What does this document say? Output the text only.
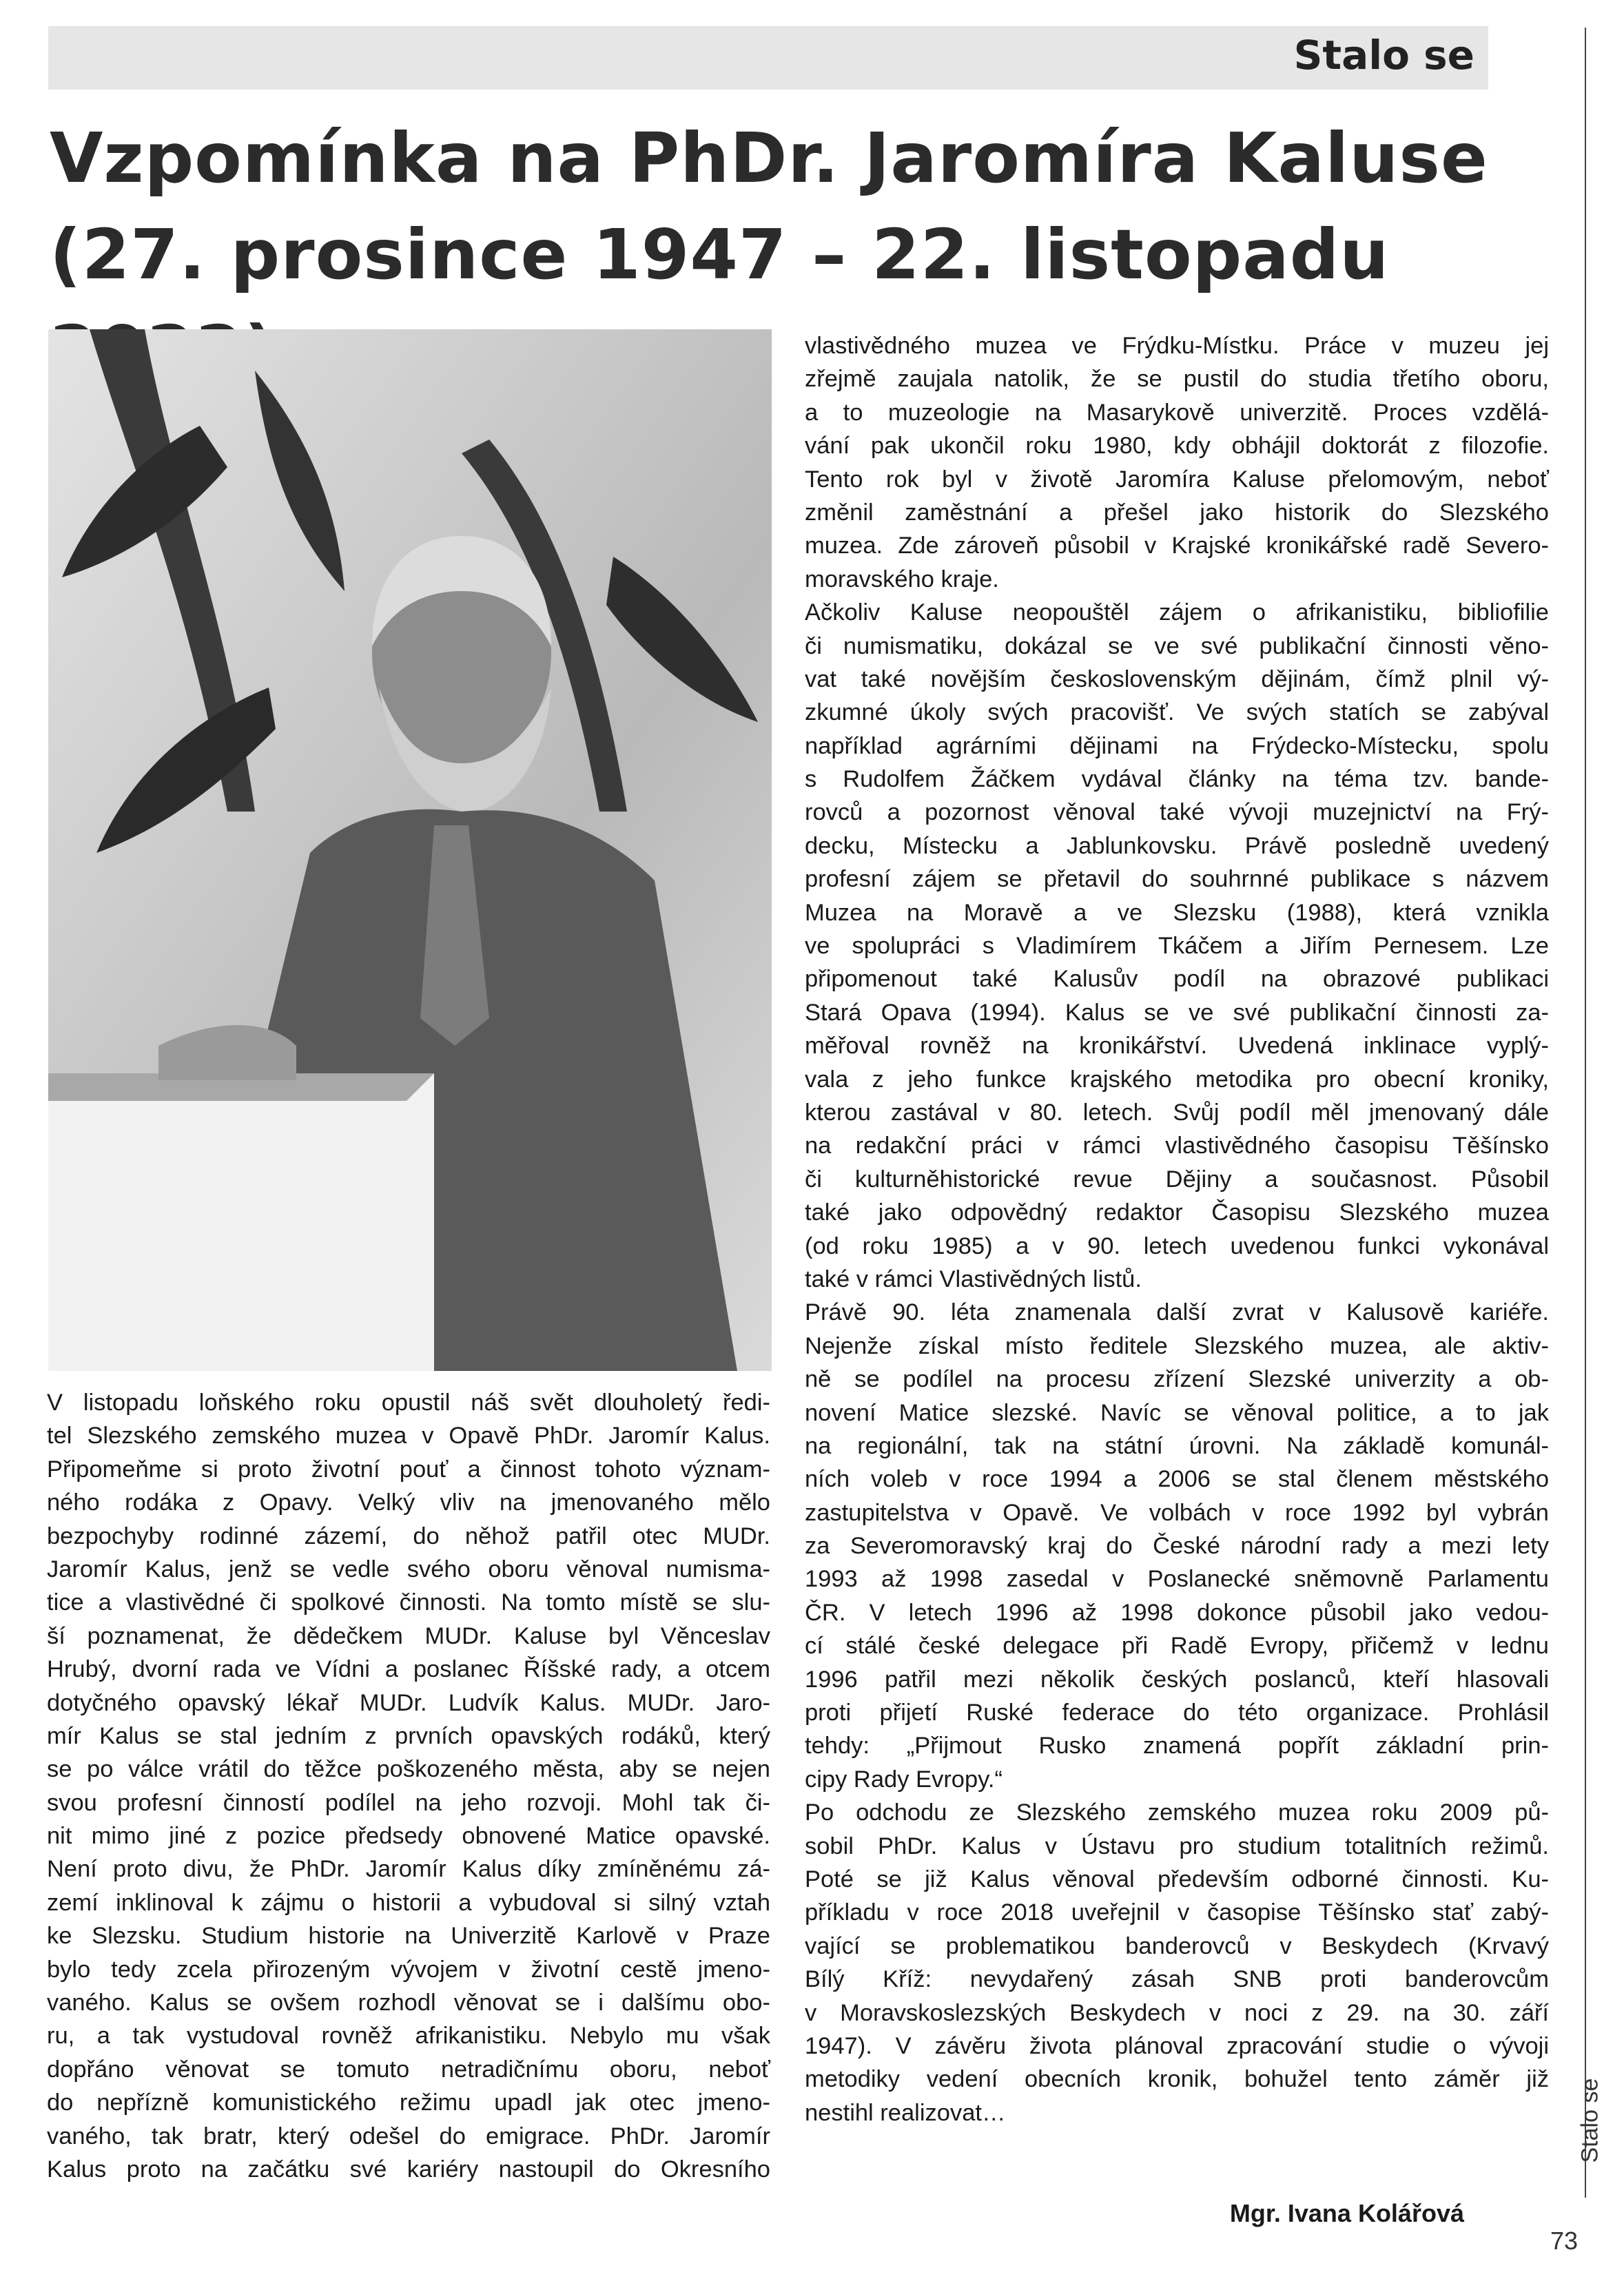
Stalo se
Vzpomínka na PhDr. Jaromíra Kaluse
(27. prosince 1947 – 22. listopadu
V listopadu loňského roku opustil náš svět dlouholetý ředi-
tel Slezského zemského muzea v Opavě PhDr. Jaromír Kalus.
Připomeňme si proto životní pouť a činnost tohoto význam-
ného rodáka z Opavy. Velký vliv na jmenovaného mělo
bezpochyby rodinné zázemí, do něhož patřil otec MUDr.
Jaromír Kalus, jenž se vedle svého oboru věnoval numisma-
tice a vlastivědné či spolkové činnosti. Na tomto místě se slu-
ší poznamenat, že dědečkem MUDr. Kaluse byl Věnceslav
Hrubý, dvorní rada ve Vídni a poslanec Říšské rady, a otcem
dotyčného opavský lékař MUDr. Ludvík Kalus. MUDr. Jaro-
mír Kalus se stal jedním z prvních opavských rodáků, který
se po válce vrátil do těžce poškozeného města, aby se nejen
svou profesní činností podílel na jeho rozvoji. Mohl tak či-
nit mimo jiné z pozice předsedy obnovené Matice opavské.
Není proto divu, že PhDr. Jaromír Kalus díky zmíněnému zá-
zemí inklinoval k zájmu o historii a vybudoval si silný vztah
ke Slezsku. Studium historie na Univerzitě Karlově v Praze
bylo tedy zcela přirozeným vývojem v životní cestě jmeno-
vaného. Kalus se ovšem rozhodl věnovat se i dalšímu obo-
ru, a tak vystudoval rovněž afrikanistiku. Nebylo mu však
dopřáno věnovat se tomuto netradičnímu oboru, neboť
do nepřízně komunistického režimu upadl jak otec jmeno-
vaného, tak bratr, který odešel do emigrace. PhDr. Jaromír
Kalus proto na začátku své kariéry nastoupil do Okresního
vlastivědného muzea ve Frýdku-Místku. Práce v muzeu jej
zřejmě zaujala natolik, že se pustil do studia třetího oboru,
a to muzeologie na Masarykově univerzitě. Proces vzdělá-
vání pak ukončil roku 1980, kdy obhájil doktorát z filozofie.
Tento rok byl v životě Jaromíra Kaluse přelomovým, neboť
změnil zaměstnání a přešel jako historik do Slezského
muzea. Zde zároveň působil v Krajské kronikářské radě Severo-
moravského kraje.
Ačkoliv Kaluse neopouštěl zájem o afrikanistiku, bibliofilie
či numismatiku, dokázal se ve své publikační činnosti věno-
vat také novějším československým dějinám, čímž plnil vý-
zkumné úkoly svých pracovišť. Ve svých statích se zabýval
například agrárními dějinami na Frýdecko-Místecku, spolu
s Rudolfem Žáčkem vydával články na téma tzv. bande-
rovců a pozornost věnoval také vývoji muzejnictví na Frý-
decku, Místecku a Jablunkovsku. Právě posledně uvedený
profesní zájem se přetavil do souhrnné publikace s názvem
Muzea na Moravě a ve Slezsku (1988), která vznikla
ve spolupráci s Vladimírem Tkáčem a Jiřím Pernesem. Lze
připomenout také Kalusův podíl na obrazové publikaci
Stará Opava (1994). Kalus se ve své publikační činnosti za-
měřoval rovněž na kronikářství. Uvedená inklinace vyplý-
vala z jeho funkce krajského metodika pro obecní kroniky,
kterou zastával v 80. letech. Svůj podíl měl jmenovaný dále
na redakční práci v rámci vlastivědného časopisu Těšínsko
či kulturněhistorické revue Dějiny a současnost. Působil
také jako odpovědný redaktor Časopisu Slezského muzea
(od roku 1985) a v 90. letech uvedenou funkci vykonával
také v rámci Vlastivědných listů.
Právě 90. léta znamenala další zvrat v Kalusově kariéře.
Nejenže získal místo ředitele Slezského muzea, ale aktiv-
ně se podílel na procesu zřízení Slezské univerzity a ob-
novení Matice slezské. Navíc se věnoval politice, a to jak
na regionální, tak na státní úrovni. Na základě komunál-
ních voleb v roce 1994 a 2006 se stal členem městského
zastupitelstva v Opavě. Ve volbách v roce 1992 byl vybrán
za Severomoravský kraj do České národní rady a mezi lety
1993 až 1998 zasedal v Poslanecké sněmovně Parlamentu
ČR. V letech 1996 až 1998 dokonce působil jako vedou-
cí stálé české delegace při Radě Evropy, přičemž v lednu
1996 patřil mezi několik českých poslanců, kteří hlasovali
proti přijetí Ruské federace do této organizace. Prohlásil
tehdy: „Přijmout Rusko znamená popřít základní prin-
cipy Rady Evropy.“
Po odchodu ze Slezského zemského muzea roku 2009 pů-
sobil PhDr. Kalus v Ústavu pro studium totalitních režimů.
Poté se již Kalus věnoval především odborné činnosti. Ku-
příkladu v roce 2018 uveřejnil v časopise Těšínsko stať zabý-
vající se problematikou banderovců v Beskydech (Krvavý
Bílý Kříž: nevydařený zásah SNB proti banderovcům
v Moravskoslezských Beskydech v noci z 29. na 30. září
1947). V závěru života plánoval zpracování studie o vývoji
metodiky vedení obecních kronik, bohužel tento záměr již
nestihl realizovat…
Mgr. Ivana Kolářová
Stalo se
73
